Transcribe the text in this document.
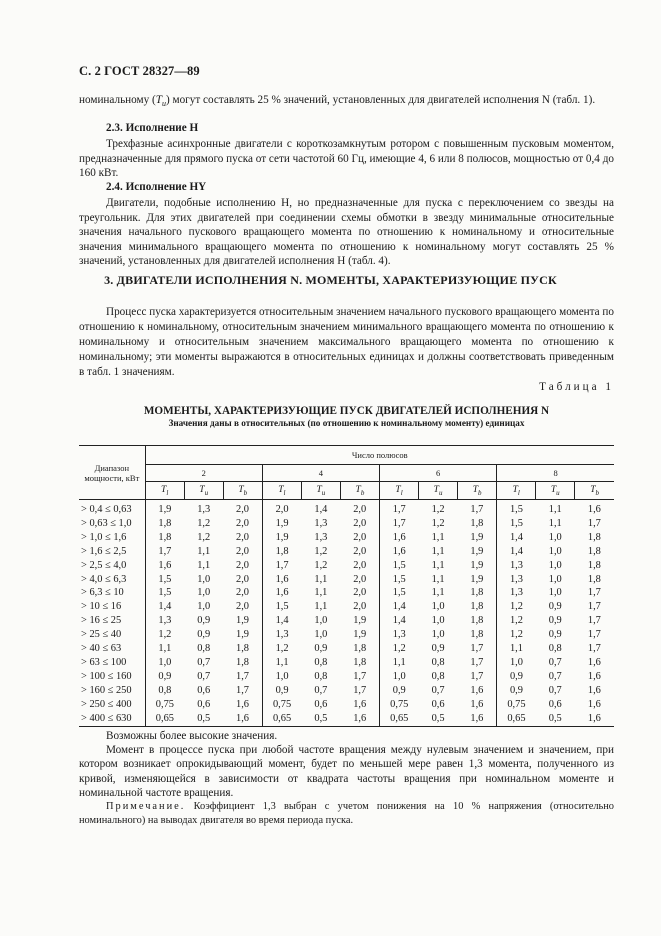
С. 2 ГОСТ 28327—89
номинальному $(T_u)$ могут составлять 25 % значений, установленных для двигателей исполнения N (табл. 1).
2.3. Исполнение Н
Трехфазные асинхронные двигатели с короткозамкнутым ротором с повышенным пусковым моментом, предназначенные для прямого пуска от сети частотой 60 Гц, имеющие 4, 6 или 8 полюсов, мощностью от 0,4 до 160 кВт.
2.4. Исполнение НY
Двигатели, подобные исполнению Н, но предназначенные для пуска с переключением со звезды на треугольник. Для этих двигателей при соединении схемы обмотки в звезду минимальные относительные значения начального пускового вращающего момента по отношению к номинальному и относительные значения минимального вращающего момента по отношению к номинальному могут составлять 25 % значений, установленных для двигателей исполнения Н (табл. 4).
3. ДВИГАТЕЛИ ИСПОЛНЕНИЯ N. МОМЕНТЫ, ХАРАКТЕРИЗУЮЩИЕ ПУСК
Процесс пуска характеризуется относительным значением начального пускового вращающего момента по отношению к номинальному, относительным значением минимального вращающего момента по отношению к номинальному и относительным значением максимального вращающего момента по отношению к номинальному; эти моменты выражаются в относительных единицах и должны соответствовать приведенным в табл. 1 значениям.
Таблица 1
МОМЕНТЫ, ХАРАКТЕРИЗУЮЩИЕ ПУСК ДВИГАТЕЛЕЙ ИСПОЛНЕНИЯ N
Значения даны в относительных (по отношению к номинальному моменту) единицах
Диапазон мощности, кВт	Число полюсов											
	2			4			6			8		
	$T_l$	$T_u$	$T_b$	$T_l$	$T_u$	$T_b$	$T_l$	$T_u$	$T_b$	$T_l$	$T_u$	$T_b$
> 0,4 ≤ 0,63	1,9	1,3	2,0	2,0	1,4	2,0	1,7	1,2	1,7	1,5	1,1	1,6
> 0,63 ≤ 1,0	1,8	1,2	2,0	1,9	1,3	2,0	1,7	1,2	1,8	1,5	1,1	1,7
> 1,0 ≤ 1,6	1,8	1,2	2,0	1,9	1,3	2,0	1,6	1,1	1,9	1,4	1,0	1,8
> 1,6 ≤ 2,5	1,7	1,1	2,0	1,8	1,2	2,0	1,6	1,1	1,9	1,4	1,0	1,8
> 2,5 ≤ 4,0	1,6	1,1	2,0	1,7	1,2	2,0	1,5	1,1	1,9	1,3	1,0	1,8
> 4,0 ≤ 6,3	1,5	1,0	2,0	1,6	1,1	2,0	1,5	1,1	1,9	1,3	1,0	1,8
> 6,3 ≤ 10	1,5	1,0	2,0	1,6	1,1	2,0	1,5	1,1	1,8	1,3	1,0	1,7
> 10 ≤ 16	1,4	1,0	2,0	1,5	1,1	2,0	1,4	1,0	1,8	1,2	0,9	1,7
> 16 ≤ 25	1,3	0,9	1,9	1,4	1,0	1,9	1,4	1,0	1,8	1,2	0,9	1,7
> 25 ≤ 40	1,2	0,9	1,9	1,3	1,0	1,9	1,3	1,0	1,8	1,2	0,9	1,7
> 40 ≤ 63	1,1	0,8	1,8	1,2	0,9	1,8	1,2	0,9	1,7	1,1	0,8	1,7
> 63 ≤ 100	1,0	0,7	1,8	1,1	0,8	1,8	1,1	0,8	1,7	1,0	0,7	1,6
> 100 ≤ 160	0,9	0,7	1,7	1,0	0,8	1,7	1,0	0,8	1,7	0,9	0,7	1,6
> 160 ≤ 250	0,8	0,6	1,7	0,9	0,7	1,7	0,9	0,7	1,6	0,9	0,7	1,6
> 250 ≤ 400	0,75	0,6	1,6	0,75	0,6	1,6	0,75	0,6	1,6	0,75	0,6	1,6
> 400 ≤ 630	0,65	0,5	1,6	0,65	0,5	1,6	0,65	0,5	1,6	0,65	0,5	1,6
Возможны более высокие значения.
Момент в процессе пуска при любой частоте вращения между нулевым значением и значением, при котором возникает опрокидывающий момент, будет по меньшей мере равен 1,3 момента, полученного из кривой, изменяющейся в зависимости от квадрата частоты вращения при номинальном моменте и номинальной частоте вращения.
Примечание. Коэффициент 1,3 выбран с учетом понижения на 10 % напряжения (относительно номинального) на выводах двигателя во время периода пуска.
